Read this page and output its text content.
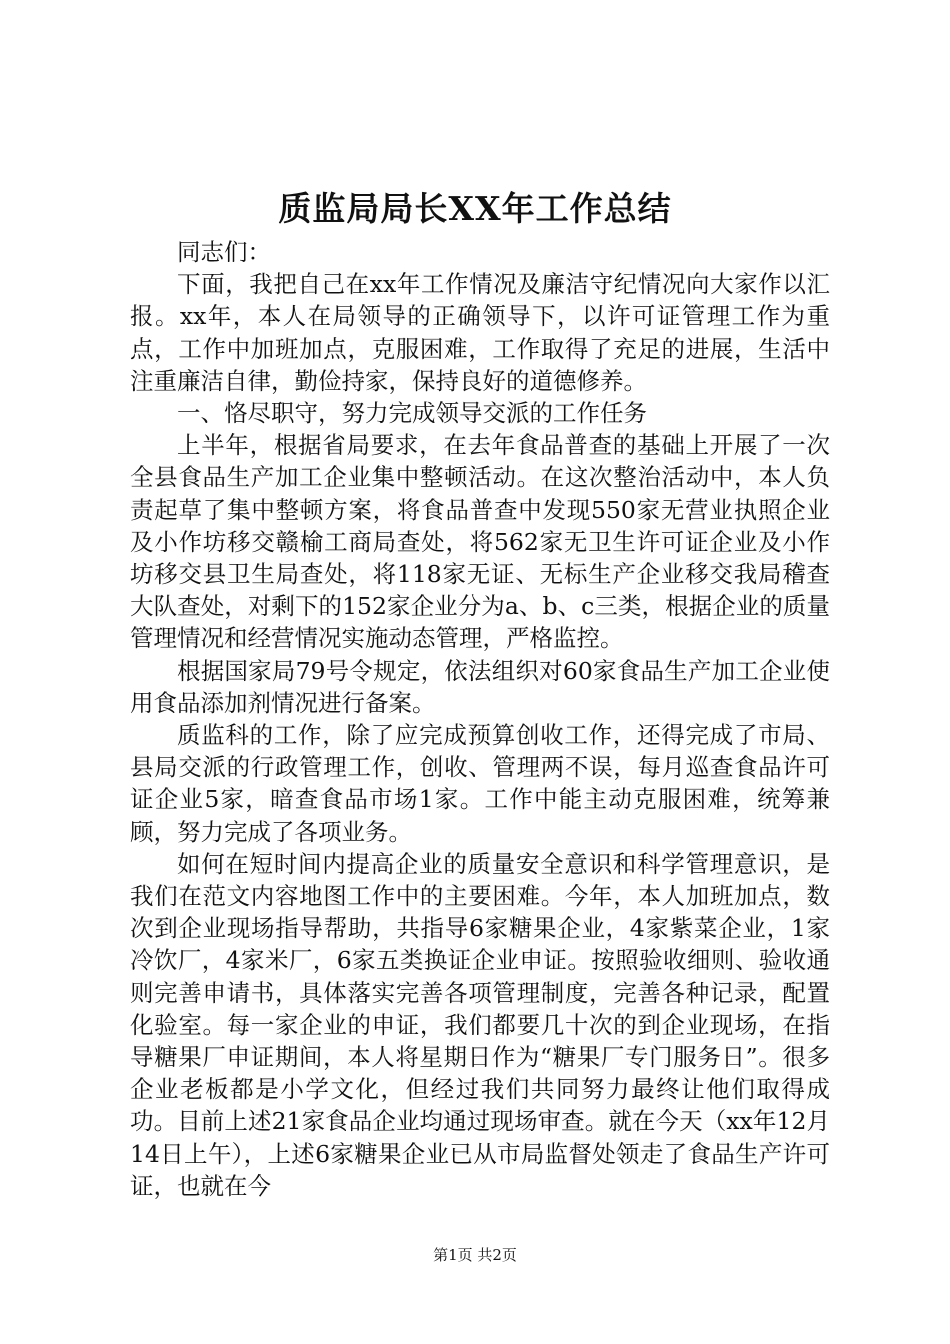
质监局局长XX年工作总结

同志们：

下面，我把自己在xx年工作情况及廉洁守纪情况向大家作以汇报。xx年，本人在局领导的正确领导下，以许可证管理工作为重点，工作中加班加点，克服困难，工作取得了充足的进展，生活中注重廉洁自律，勤俭持家，保持良好的道德修养。

一、恪尽职守，努力完成领导交派的工作任务

上半年，根据省局要求，在去年食品普查的基础上开展了一次全县食品生产加工企业集中整顿活动。在这次整治活动中，本人负责起草了集中整顿方案，将食品普查中发现550家无营业执照企业及小作坊移交赣榆工商局查处，将562家无卫生许可证企业及小作坊移交县卫生局查处，将118家无证、无标生产企业移交我局稽查大队查处，对剩下的152家企业分为a、b、c三类，根据企业的质量管理情况和经营情况实施动态管理，严格监控。

根据国家局79号令规定，依法组织对60家食品生产加工企业使用食品添加剂情况进行备案。

质监科的工作，除了应完成预算创收工作，还得完成了市局、县局交派的行政管理工作，创收、管理两不误，每月巡查食品许可证企业5家，暗查食品市场1家。工作中能主动克服困难，统筹兼顾，努力完成了各项业务。

如何在短时间内提高企业的质量安全意识和科学管理意识，是我们在范文内容地图工作中的主要困难。今年，本人加班加点，数次到企业现场指导帮助，共指导6家糖果企业，4家紫菜企业，1家冷饮厂，4家米厂，6家五类换证企业申证。按照验收细则、验收通则完善申请书，具体落实完善各项管理制度，完善各种记录，配置化验室。每一家企业的申证，我们都要几十次的到企业现场，在指导糖果厂申证期间，本人将星期日作为“糖果厂专门服务日”。很多企业老板都是小学文化，但经过我们共同努力最终让他们取得成功。目前上述21家食品企业均通过现场审查。就在今天（xx年12月14日上午），上述6家糖果企业已从市局监督处领走了食品生产许可证，也就在今

第1页 共2页
